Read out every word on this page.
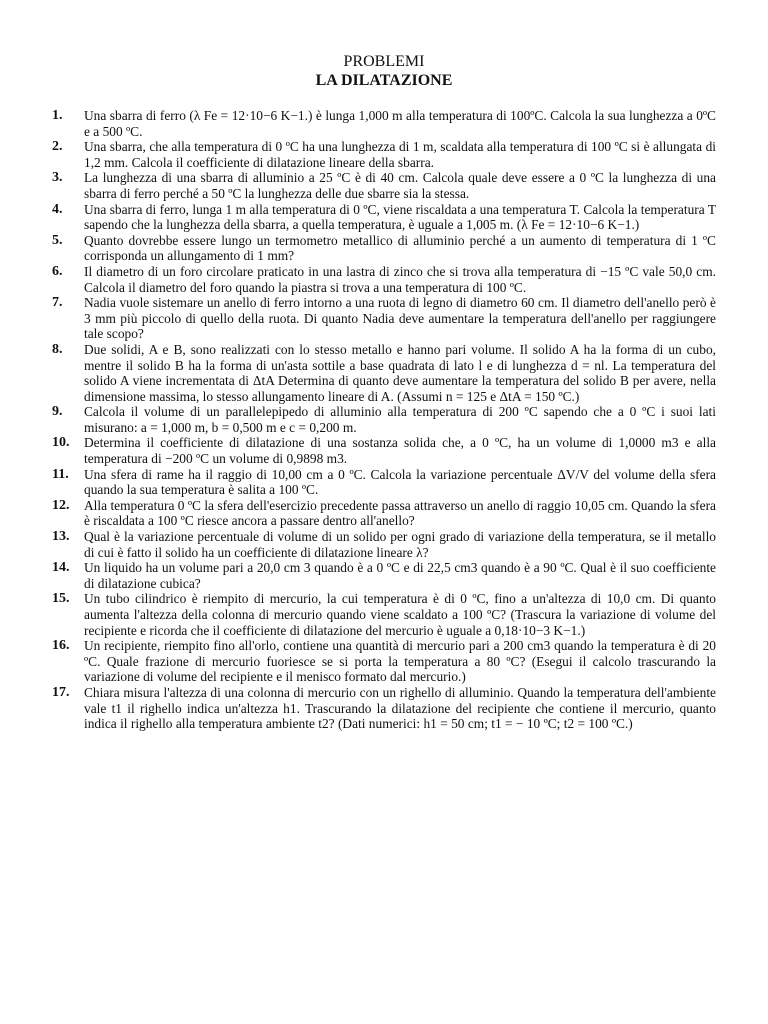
PROBLEMI
LA DILATAZIONE
1. Una sbarra di ferro (λ Fe = 12·10−6 K−1.) è lunga 1,000 m alla temperatura di 100ºC. Calcola la sua lunghezza a 0ºC e a 500 ºC.
2. Una sbarra, che alla temperatura di 0 ºC ha una lunghezza di 1 m, scaldata alla temperatura di 100 ºC si è allungata di 1,2 mm. Calcola il coefficiente di dilatazione lineare della sbarra.
3. La lunghezza di una sbarra di alluminio a 25 ºC è di 40 cm. Calcola quale deve essere a 0 ºC la lunghezza di una sbarra di ferro perché a 50 ºC la lunghezza delle due sbarre sia la stessa.
4. Una sbarra di ferro, lunga 1 m alla temperatura di 0 ºC, viene riscaldata a una temperatura T. Calcola la temperatura T sapendo che la lunghezza della sbarra, a quella temperatura, è uguale a 1,005 m. (λ Fe = 12·10−6 K−1.)
5. Quanto dovrebbe essere lungo un termometro metallico di alluminio perché a un aumento di temperatura di 1 ºC corrisponda un allungamento di 1 mm?
6. Il diametro di un foro circolare praticato in una lastra di zinco che si trova alla temperatura di −15 ºC vale 50,0 cm. Calcola il diametro del foro quando la piastra si trova a una temperatura di 100 ºC.
7. Nadia vuole sistemare un anello di ferro intorno a una ruota di legno di diametro 60 cm. Il diametro dell'anello però è 3 mm più piccolo di quello della ruota. Di quanto Nadia deve aumentare la temperatura dell'anello per raggiungere tale scopo?
8. Due solidi, A e B, sono realizzati con lo stesso metallo e hanno pari volume. Il solido A ha la forma di un cubo, mentre il solido B ha la forma di un'asta sottile a base quadrata di lato l e di lunghezza d = nl. La temperatura del solido A viene incrementata di ΔtA Determina di quanto deve aumentare la temperatura del solido B per avere, nella dimensione massima, lo stesso allungamento lineare di A. (Assumi n = 125 e ΔtA = 150 ºC.)
9. Calcola il volume di un parallelepipedo di alluminio alla temperatura di 200 ºC sapendo che a 0 ºC i suoi lati misurano: a = 1,000 m, b = 0,500 m e c = 0,200 m.
10. Determina il coefficiente di dilatazione di una sostanza solida che, a 0 ºC, ha un volume di 1,0000 m3 e alla temperatura di −200 ºC un volume di 0,9898 m3.
11. Una sfera di rame ha il raggio di 10,00 cm a 0 ºC. Calcola la variazione percentuale ΔV/V del volume della sfera quando la sua temperatura è salita a 100 ºC.
12. Alla temperatura 0 ºC la sfera dell'esercizio precedente passa attraverso un anello di raggio 10,05 cm. Quando la sfera è riscaldata a 100 ºC riesce ancora a passare dentro all'anello?
13. Qual è la variazione percentuale di volume di un solido per ogni grado di variazione della temperatura, se il metallo di cui è fatto il solido ha un coefficiente di dilatazione lineare λ?
14. Un liquido ha un volume pari a 20,0 cm 3 quando è a 0 ºC e di 22,5 cm3 quando è a 90 ºC. Qual è il suo coefficiente di dilatazione cubica?
15. Un tubo cilindrico è riempito di mercurio, la cui temperatura è di 0 ºC, fino a un'altezza di 10,0 cm. Di quanto aumenta l'altezza della colonna di mercurio quando viene scaldato a 100 ºC? (Trascura la variazione di volume del recipiente e ricorda che il coefficiente di dilatazione del mercurio è uguale a 0,18·10−3 K−1.)
16. Un recipiente, riempito fino all'orlo, contiene una quantità di mercurio pari a 200 cm3 quando la temperatura è di 20 ºC. Quale frazione di mercurio fuoriesce se si porta la temperatura a 80 ºC? (Esegui il calcolo trascurando la variazione di volume del recipiente e il menisco formato dal mercurio.)
17. Chiara misura l'altezza di una colonna di mercurio con un righello di alluminio. Quando la temperatura dell'ambiente vale t1 il righello indica un'altezza h1. Trascurando la dilatazione del recipiente che contiene il mercurio, quanto indica il righello alla temperatura ambiente t2? (Dati numerici: h1 = 50 cm; t1 = − 10 ºC; t2 = 100 ºC.)
